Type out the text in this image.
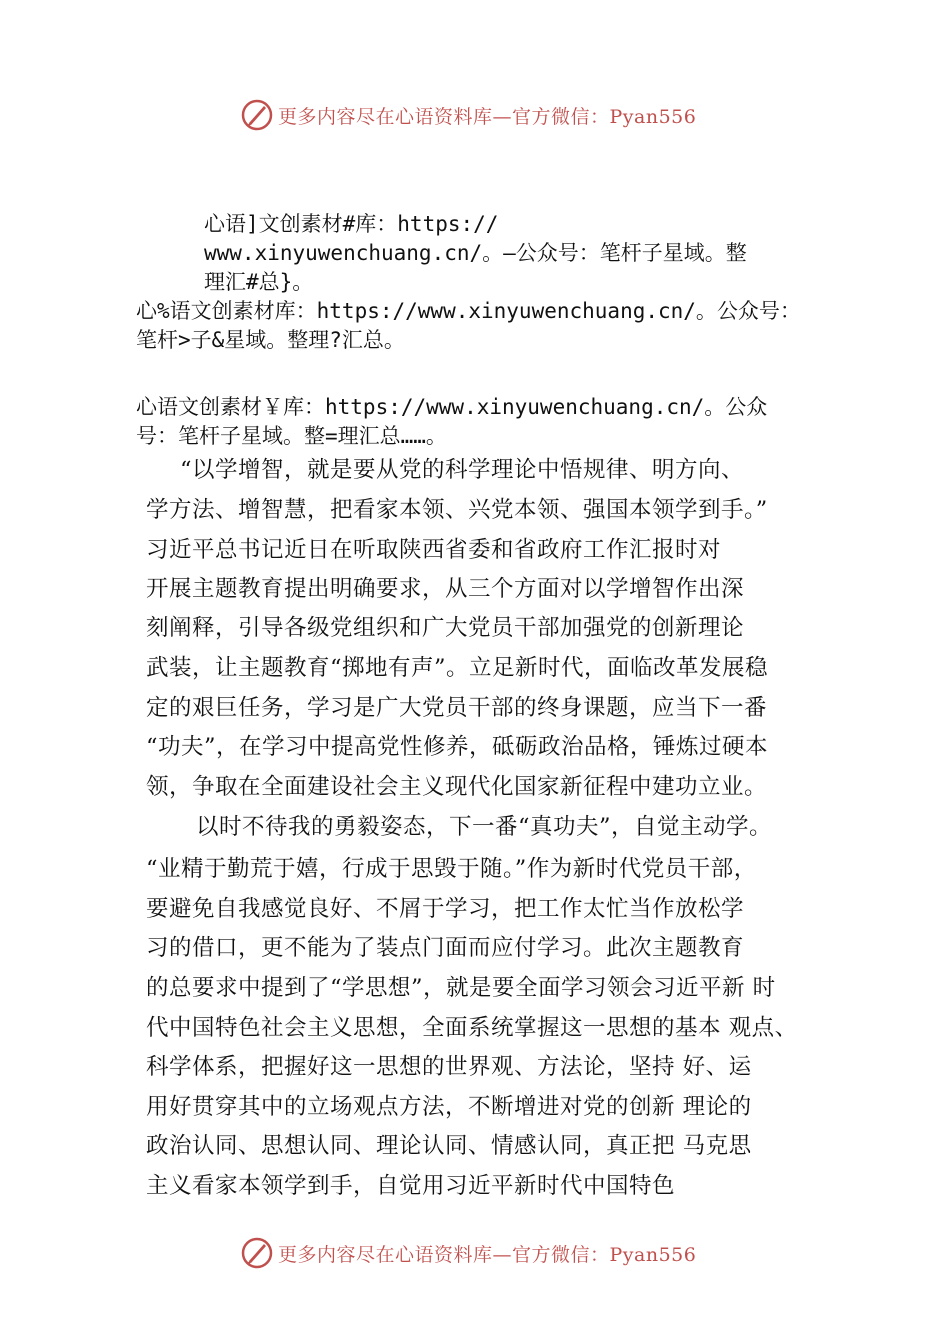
更多内容尽在心语资料库—官方微信：Pyan556
心语]文创素材#库：https://
www.xinyuwenchuang.cn/。—公众号：笔杆子星域。整
理汇#总}。
心%语文创素材库：https://www.xinyuwenchuang.cn/。公众号：
笔杆>子&星域。整理?汇总。
心语文创素材￥库：https://www.xinyuwenchuang.cn/。公众
号：笔杆子星域。整=理汇总……。
“以学增智，就是要从党的科学理论中悟规律、明方向、
学方法、增智慧，把看家本领、兴党本领、强国本领学到手。”
习近平总书记近日在听取陕西省委和省政府工作汇报时对
开展主题教育提出明确要求，从三个方面对以学增智作出深
刻阐释，引导各级党组织和广大党员干部加强党的创新理论
武装，让主题教育“掷地有声”。立足新时代，面临改革发展稳
定的艰巨任务，学习是广大党员干部的终身课题，应当下一番
“功夫”，在学习中提高党性修养，砥砺政治品格，锤炼过硬本
领，争取在全面建设社会主义现代化国家新征程中建功立业。
以时不待我的勇毅姿态，下一番“真功夫”，自觉主动学。
“业精于勤荒于嬉，行成于思毁于随。”作为新时代党员干部，
要避免自我感觉良好、不屑于学习，把工作太忙当作放松学
习的借口，更不能为了装点门面而应付学习。此次主题教育
的总要求中提到了“学思想”，就是要全面学习领会习近平新 时
代中国特色社会主义思想，全面系统掌握这一思想的基本 观点、
科学体系，把握好这一思想的世界观、方法论，坚持 好、运
用好贯穿其中的立场观点方法，不断增进对党的创新 理论的
政治认同、思想认同、理论认同、情感认同，真正把 马克思
主义看家本领学到手，自觉用习近平新时代中国特色
更多内容尽在心语资料库—官方微信：Pyan556
